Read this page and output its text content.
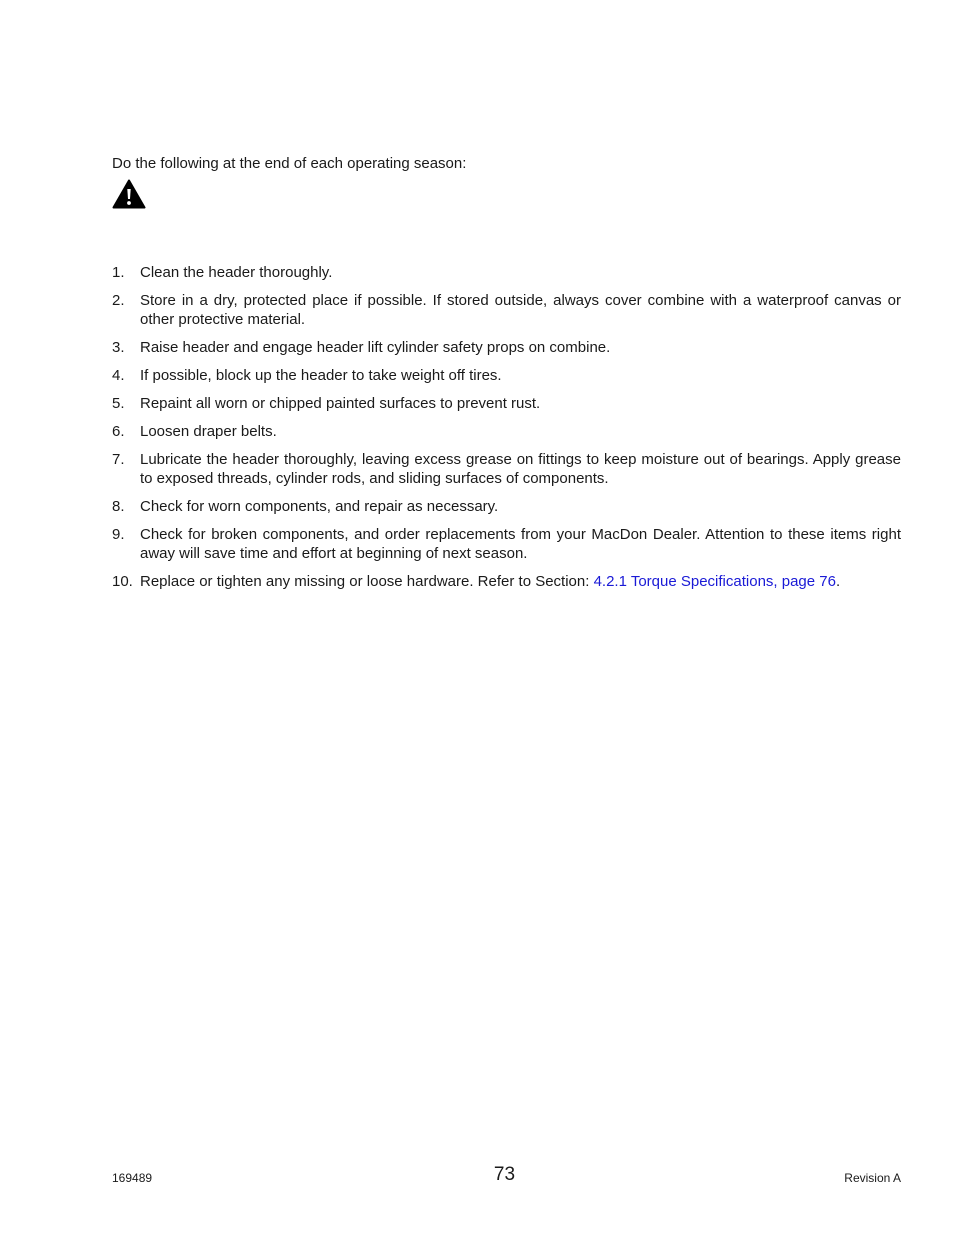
Do the following at the end of each operating season:

1.	Clean the header thoroughly.
2.	Store in a dry, protected place if possible. If stored outside, always cover combine with a waterproof canvas or other protective material.
3.	Raise header and engage header lift cylinder safety props on combine.
4.	If possible, block up the header to take weight off tires.
5.	Repaint all worn or chipped painted surfaces to prevent rust.
6.	Loosen draper belts.
7.	Lubricate the header thoroughly, leaving excess grease on fittings to keep moisture out of bearings. Apply grease to exposed threads, cylinder rods, and sliding surfaces of components.
8.	Check for worn components, and repair as necessary.
9.	Check for broken components, and order replacements from your MacDon Dealer. Attention to these items right away will save time and effort at beginning of next season.
10. Replace or tighten any missing or loose hardware. Refer to Section: 4.2.1 Torque Specifications, page 76.
169489	73	Revision A
